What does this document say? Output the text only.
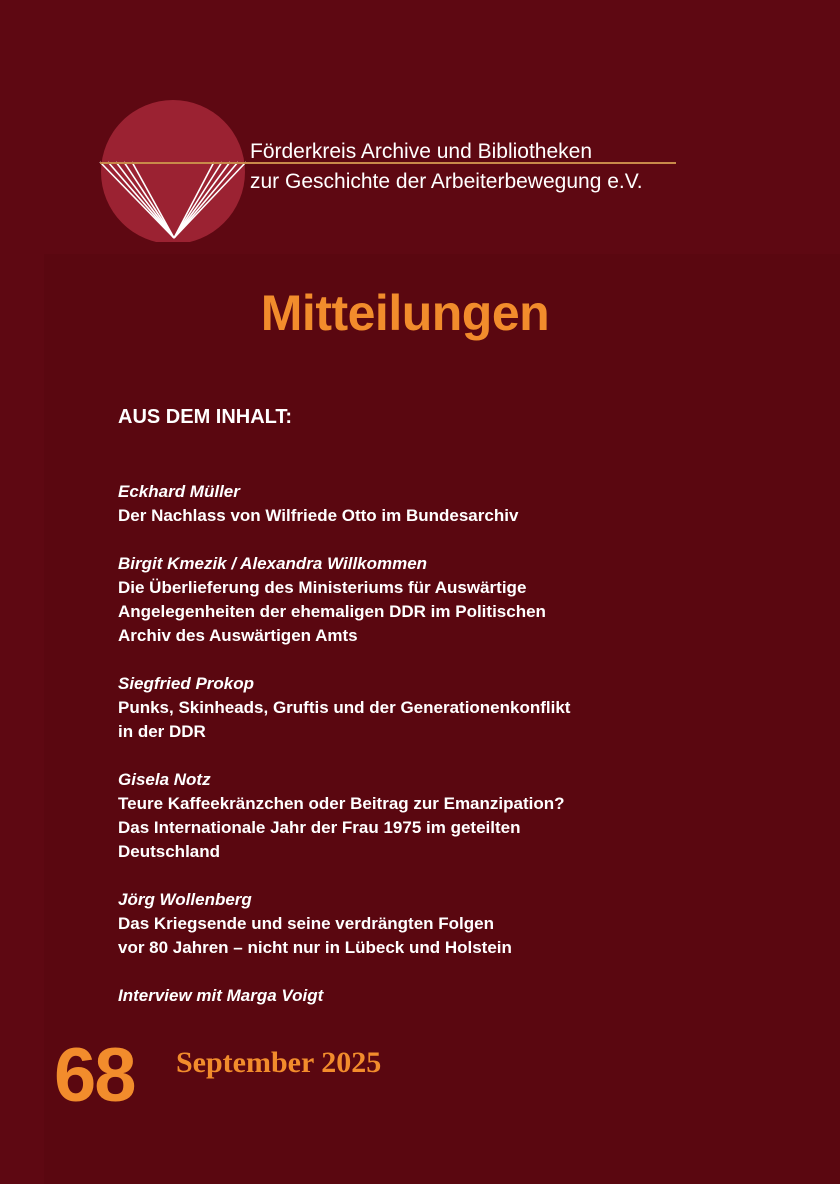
Förderkreis Archive und Bibliotheken
zur Geschichte der Arbeiterbewegung e.V.
Mitteilungen
AUS DEM INHALT:
Eckhard Müller
Der Nachlass von Wilfriede Otto im Bundesarchiv
Birgit Kmezik / Alexandra Willkommen
Die Überlieferung des Ministeriums für Auswärtige
Angelegenheiten der ehemaligen DDR im Politischen
Archiv des Auswärtigen Amts
Siegfried Prokop
Punks, Skinheads, Gruftis und der Generationenkonflikt
in der DDR
Gisela Notz
Teure Kaffeekränzchen oder Beitrag zur Emanzipation?
Das Internationale Jahr der Frau 1975 im geteilten
Deutschland
Jörg Wollenberg
Das Kriegsende und seine verdrängten Folgen
vor 80 Jahren – nicht nur in Lübeck und Holstein
Interview mit Marga Voigt
68 September 2025
